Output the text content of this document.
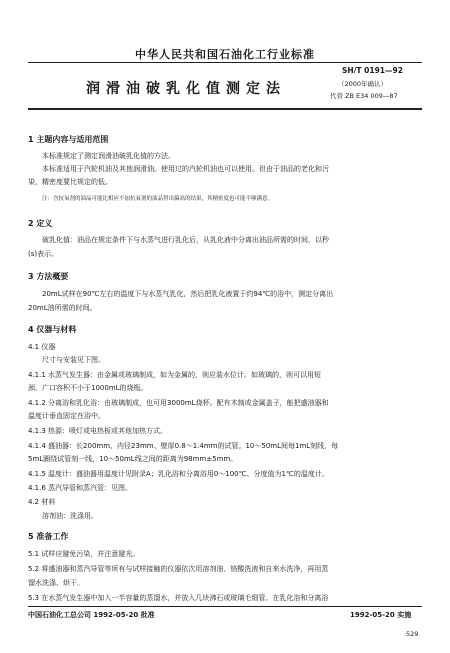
中华人民共和国石油化工行业标准
润滑油破乳化值测定法
SH/T 0191—92
（2000年确认）
代替 ZB E34 009—87
1 主题内容与适用范围
本标准规定了测定润滑油破乳化值的方法。
本标准适用于汽轮机油及其他润滑油。使用过的汽轮机油也可以使用。但由于油品的老化和污
染，精密度要比规定的低。
注：含抗氧剂的油品可能比相应不加抗氧剂的油品得出偏高的结果，其精密度也可能不够满意。
2 定义
破乳化值：油品在规定条件下与水蒸气进行乳化后，从乳化液中分离出油品所需的时间，以秒
(s)表示。
3 方法概要
20mL试样在90℃左右的温度下与水蒸气乳化，然后把乳化液置于约94℃的浴中，测定分离出
20mL油所需的时间。
4 仪器与材料
4.1 仪器
尺寸与安装见下图。
4.1.1 水蒸气发生器：由金属或玻璃制成，如为金属的，则应装水位计。如玻璃的，则可以用短
颈、广口容积不小于1000mL的烧瓶。
4.1.2 分离浴和乳化浴：由玻璃制成，也可用3000mL烧杯。配有木制或金属盖子，能把盛油器和
温度计垂直固定在浴中。
4.1.3 热源：喷灯或电热板或其他加热方式。
4.1.4 盛油器：长200mm、内径23mm、壁厚0.8～1.4mm的试管。10～50mL间每1mL刻线，每
5mL圈绕试管刻一线，10～50mL线之间的距离为98mm±5mm。
4.1.5 温度计：盛油器用温度计见附录A；乳化浴和分离浴用0～100℃、分度值为1℃的温度计。
4.1.6 蒸汽导管和蒸汽管：见图。
4.2 材料
溶剂油：洗涤用。
5 准备工作
5.1 试样应避免污染，并注意避光。
5.2 将盛油器和蒸汽导管等所有与试样接触的仪器依次用溶剂油、铬酸洗液和自来水洗净，再用蒸
馏水洗涤、烘干。
5.3 在水蒸气发生器中加入一半容量的蒸馏水，并放入几块沸石或玻璃毛细管。在乳化浴和分离浴
中国石油化工总公司 1992-05-20 批准	1992-05-20 实施
529
